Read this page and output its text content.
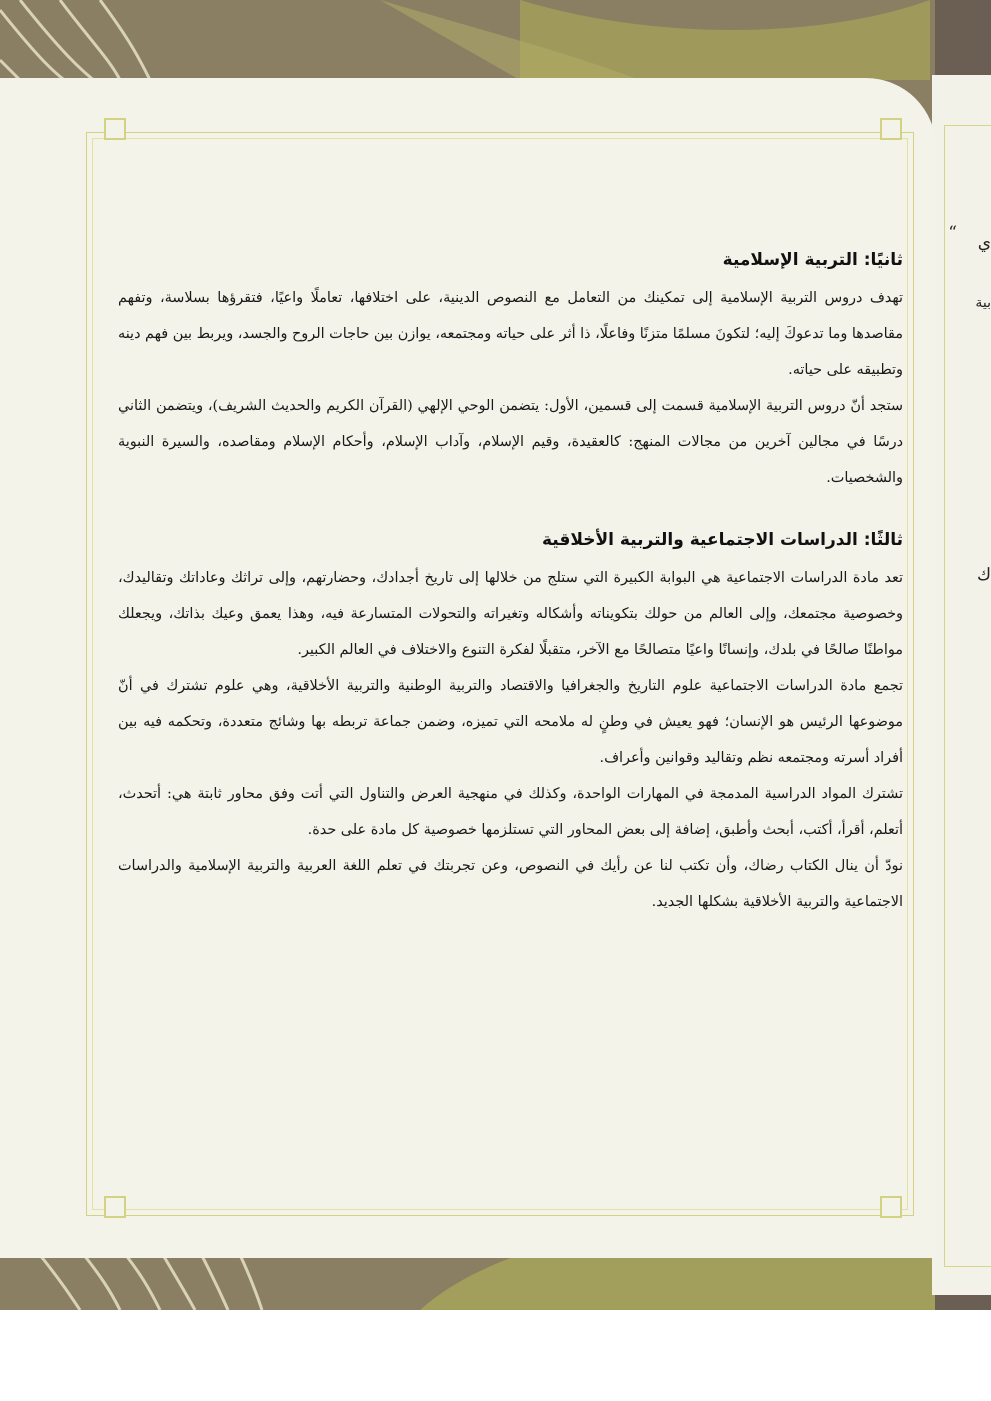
“ ي
بية
ك
ثانيًا: التربية الإسلامية

تهدف دروس التربية الإسلامية إلى تمكينك من التعامل مع النصوص الدينية، على اختلافها، تعاملًا واعيًا، فتقرؤها بسلاسة، وتفهم مقاصدها وما تدعوكَ إليه؛ لتكونَ مسلمًا متزنًا وفاعلًا، ذا أثر على حياته ومجتمعه، يوازن بين حاجات الروح والجسد، ويربط بين فهم دينه وتطبيقه على حياته.

ستجد أنّ دروس التربية الإسلامية قسمت إلى قسمين، الأول: يتضمن الوحي الإلهي (القرآن الكريم والحديث الشريف)، ويتضمن الثاني درسًا في مجالين آخرين من مجالات المنهج: كالعقيدة، وقيم الإسلام، وآداب الإسلام، وأحكام الإسلام ومقاصده، والسيرة النبوية والشخصيات.

ثالثًا: الدراسات الاجتماعية والتربية الأخلاقية

تعد مادة الدراسات الاجتماعية هي البوابة الكبيرة التي ستلج من خلالها إلى تاريخ أجدادك، وحضارتهم، وإلى تراثك وعاداتك وتقاليدك، وخصوصية مجتمعك، وإلى العالم من حولك بتكويناته وأشكاله وتغيراته والتحولات المتسارعة فيه، وهذا يعمق وعيك بذاتك، ويجعلك مواطنًا صالحًا في بلدك، وإنسانًا واعيًا متصالحًا مع الآخر، متقبلًا لفكرة التنوع والاختلاف في العالم الكبير.

تجمع مادة الدراسات الاجتماعية علوم التاريخ والجغرافيا والاقتصاد والتربية الوطنية والتربية الأخلاقية، وهي علوم تشترك في أنّ موضوعها الرئيس هو الإنسان؛ فهو يعيش في وطنٍ له ملامحه التي تميزه، وضمن جماعة تربطه بها وشائج متعددة، وتحكمه فيه بين أفراد أسرته ومجتمعه نظم وتقاليد وقوانين وأعراف.

تشترك المواد الدراسية المدمجة في المهارات الواحدة، وكذلك في منهجية العرض والتناول التي أتت وفق محاور ثابتة هي: أتحدث، أتعلم، أقرأ، أكتب، أبحث وأطبق، إضافة إلى بعض المحاور التي تستلزمها خصوصية كل مادة على حدة.

نودّ أن ينال الكتاب رضاك، وأن تكتب لنا عن رأيك في النصوص، وعن تجربتك في تعلم اللغة العربية والتربية الإسلامية والدراسات الاجتماعية والتربية الأخلاقية بشكلها الجديد.
